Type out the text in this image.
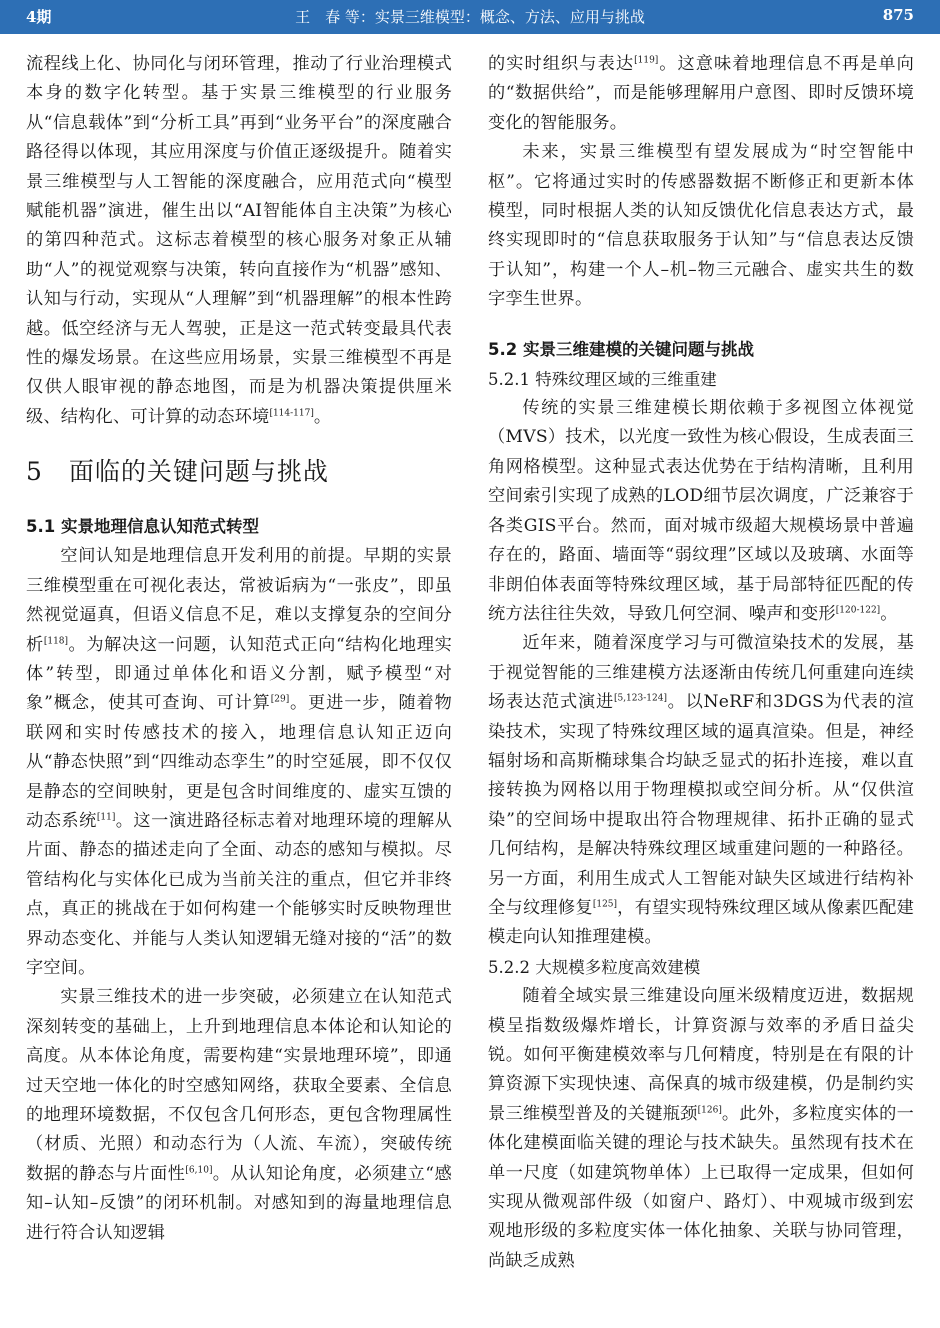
4期	王　春 等：实景三维模型：概念、方法、应用与挑战	875

流程线上化、协同化与闭环管理，推动了行业治理模式本身的数字化转型。基于实景三维模型的行业服务从“信息载体”到“分析工具”再到“业务平台”的深度融合路径得以体现，其应用深度与价值正逐级提升。随着实景三维模型与人工智能的深度融合，应用范式向“模型赋能机器”演进，催生出以“AI智能体自主决策”为核心的第四种范式。这标志着模型的核心服务对象正从辅助“人”的视觉观察与决策，转向直接作为“机器”感知、认知与行动，实现从“人理解”到“机器理解”的根本性跨越。低空经济与无人驾驶，正是这一范式转变最具代表性的爆发场景。在这些应用场景，实景三维模型不再是仅供人眼审视的静态地图，而是为机器决策提供厘米级、结构化、可计算的动态环境[114-117]。

5　面临的关键问题与挑战
5.1 实景地理信息认知范式转型

空间认知是地理信息开发利用的前提。早期的实景三维模型重在可视化表达，常被诟病为“一张皮”，即虽然视觉逼真，但语义信息不足，难以支撑复杂的空间分析[118]。为解决这一问题，认知范式正向“结构化地理实体”转型，即通过单体化和语义分割，赋予模型“对象”概念，使其可查询、可计算[29]。更进一步，随着物联网和实时传感技术的接入，地理信息认知正迈向从“静态快照”到“四维动态孪生”的时空延展，即不仅仅是静态的空间映射，更是包含时间维度的、虚实互馈的动态系统[11]。这一演进路径标志着对地理环境的理解从片面、静态的描述走向了全面、动态的感知与模拟。尽管结构化与实体化已成为当前关注的重点，但它并非终点，真正的挑战在于如何构建一个能够实时反映物理世界动态变化、并能与人类认知逻辑无缝对接的“活”的数字空间。

实景三维技术的进一步突破，必须建立在认知范式深刻转变的基础上，上升到地理信息本体论和认知论的高度。从本体论角度，需要构建“实景地理环境”，即通过天空地一体化的时空感知网络，获取全要素、全信息的地理环境数据，不仅包含几何形态，更包含物理属性（材质、光照）和动态行为（人流、车流），突破传统数据的静态与片面性[6,10]。从认知论角度，必须建立“感知–认知–反馈”的闭环机制。对感知到的海量地理信息进行符合认知逻辑

的实时组织与表达[119]。这意味着地理信息不再是单向的“数据供给”，而是能够理解用户意图、即时反馈环境变化的智能服务。

未来，实景三维模型有望发展成为“时空智能中枢”。它将通过实时的传感器数据不断修正和更新本体模型，同时根据人类的认知反馈优化信息表达方式，最终实现即时的“信息获取服务于认知”与“信息表达反馈于认知”，构建一个人–机–物三元融合、虚实共生的数字孪生世界。

5.2 实景三维建模的关键问题与挑战
5.2.1 特殊纹理区域的三维重建

传统的实景三维建模长期依赖于多视图立体视觉（MVS）技术，以光度一致性为核心假设，生成表面三角网格模型。这种显式表达优势在于结构清晰，且利用空间索引实现了成熟的LOD细节层次调度，广泛兼容于各类GIS平台。然而，面对城市级超大规模场景中普遍存在的，路面、墙面等“弱纹理”区域以及玻璃、水面等非朗伯体表面等特殊纹理区域，基于局部特征匹配的传统方法往往失效，导致几何空洞、噪声和变形[120-122]。

近年来，随着深度学习与可微渲染技术的发展，基于视觉智能的三维建模方法逐渐由传统几何重建向连续场表达范式演进[5,123-124]。以NeRF和3DGS为代表的渲染技术，实现了特殊纹理区域的逼真渲染。但是，神经辐射场和高斯椭球集合均缺乏显式的拓扑连接，难以直接转换为网格以用于物理模拟或空间分析。从“仅供渲染”的空间场中提取出符合物理规律、拓扑正确的显式几何结构，是解决特殊纹理区域重建问题的一种路径。另一方面，利用生成式人工智能对缺失区域进行结构补全与纹理修复[125]，有望实现特殊纹理区域从像素匹配建模走向认知推理建模。

5.2.2 大规模多粒度高效建模

随着全域实景三维建设向厘米级精度迈进，数据规模呈指数级爆炸增长，计算资源与效率的矛盾日益尖锐。如何平衡建模效率与几何精度，特别是在有限的计算资源下实现快速、高保真的城市级建模，仍是制约实景三维模型普及的关键瓶颈[126]。此外，多粒度实体的一体化建模面临关键的理论与技术缺失。虽然现有技术在单一尺度（如建筑物单体）上已取得一定成果，但如何实现从微观部件级（如窗户、路灯）、中观城市级到宏观地形级的多粒度实体一体化抽象、关联与协同管理，尚缺乏成熟
